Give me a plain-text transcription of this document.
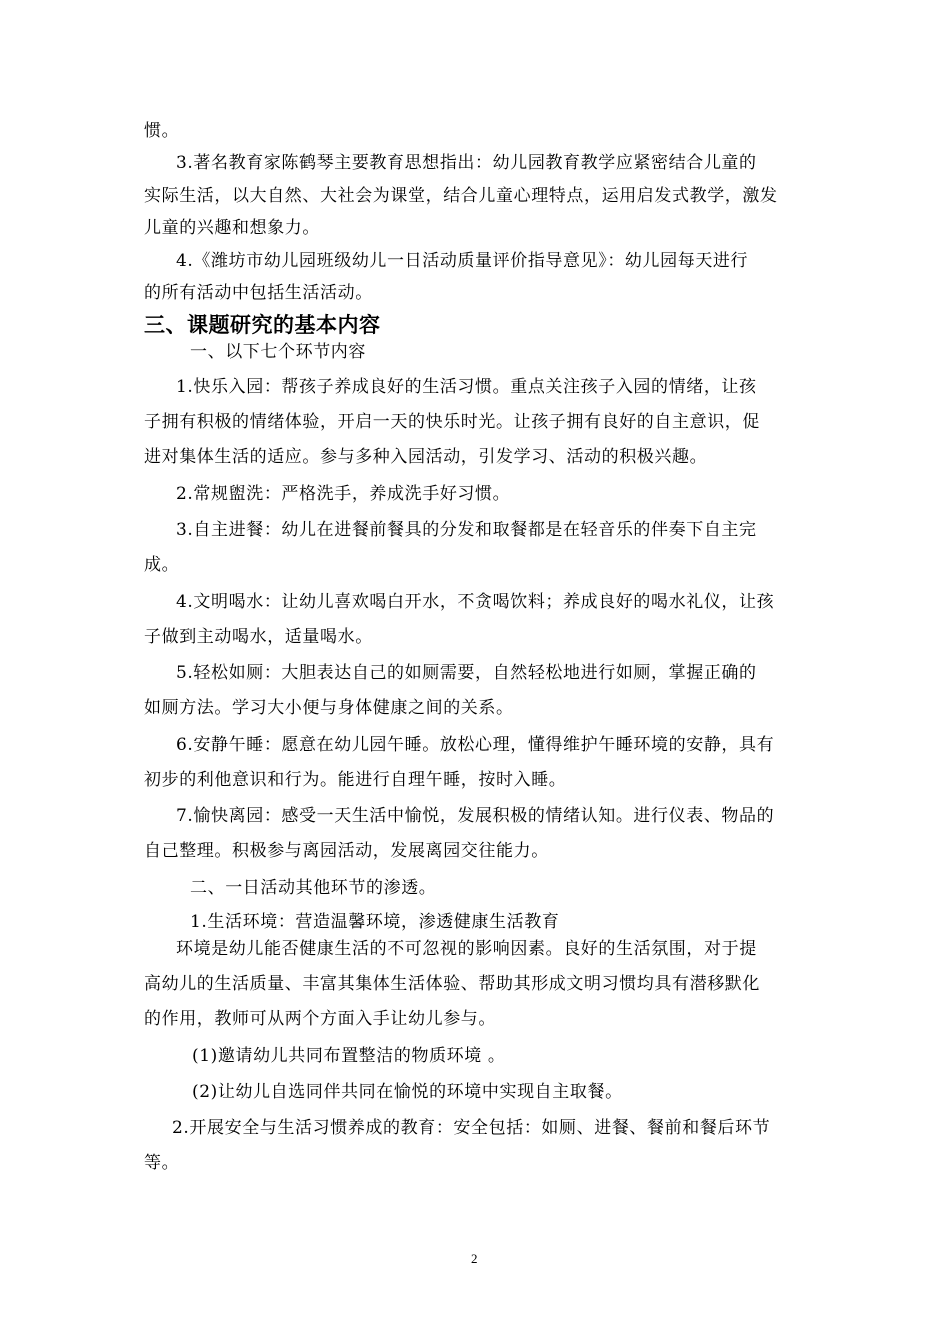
惯。
3.著名教育家陈鹤琴主要教育思想指出：幼儿园教育教学应紧密结合儿童的
实际生活，以大自然、大社会为课堂，结合儿童心理特点，运用启发式教学，激发
儿童的兴趣和想象力。
4.《潍坊市幼儿园班级幼儿一日活动质量评价指导意见》：幼儿园每天进行
的所有活动中包括生活活动。
三、课题研究的基本内容
一、以下七个环节内容
1.快乐入园：帮孩子养成良好的生活习惯。重点关注孩子入园的情绪，让孩
子拥有积极的情绪体验，开启一天的快乐时光。让孩子拥有良好的自主意识，促
进对集体生活的适应。参与多种入园活动，引发学习、活动的积极兴趣。
2.常规盥洗：严格洗手，养成洗手好习惯。
3.自主进餐：幼儿在进餐前餐具的分发和取餐都是在轻音乐的伴奏下自主完
成。
4.文明喝水：让幼儿喜欢喝白开水，不贪喝饮料；养成良好的喝水礼仪，让孩
子做到主动喝水，适量喝水。
5.轻松如厕：大胆表达自己的如厕需要，自然轻松地进行如厕，掌握正确的
如厕方法。学习大小便与身体健康之间的关系。
6.安静午睡：愿意在幼儿园午睡。放松心理，懂得维护午睡环境的安静，具有
初步的利他意识和行为。能进行自理午睡，按时入睡。
7.愉快离园：感受一天生活中愉悦，发展积极的情绪认知。进行仪表、物品的
自己整理。积极参与离园活动，发展离园交往能力。
二、一日活动其他环节的渗透。
1.生活环境：营造温馨环境，渗透健康生活教育
环境是幼儿能否健康生活的不可忽视的影响因素。良好的生活氛围，对于提
高幼儿的生活质量、丰富其集体生活体验、帮助其形成文明习惯均具有潜移默化
的作用，教师可从两个方面入手让幼儿参与。
(1)邀请幼儿共同布置整洁的物质环境 。
(2)让幼儿自选同伴共同在愉悦的环境中实现自主取餐。
2.开展安全与生活习惯养成的教育：安全包括：如厕、进餐、餐前和餐后环节
等。
2
